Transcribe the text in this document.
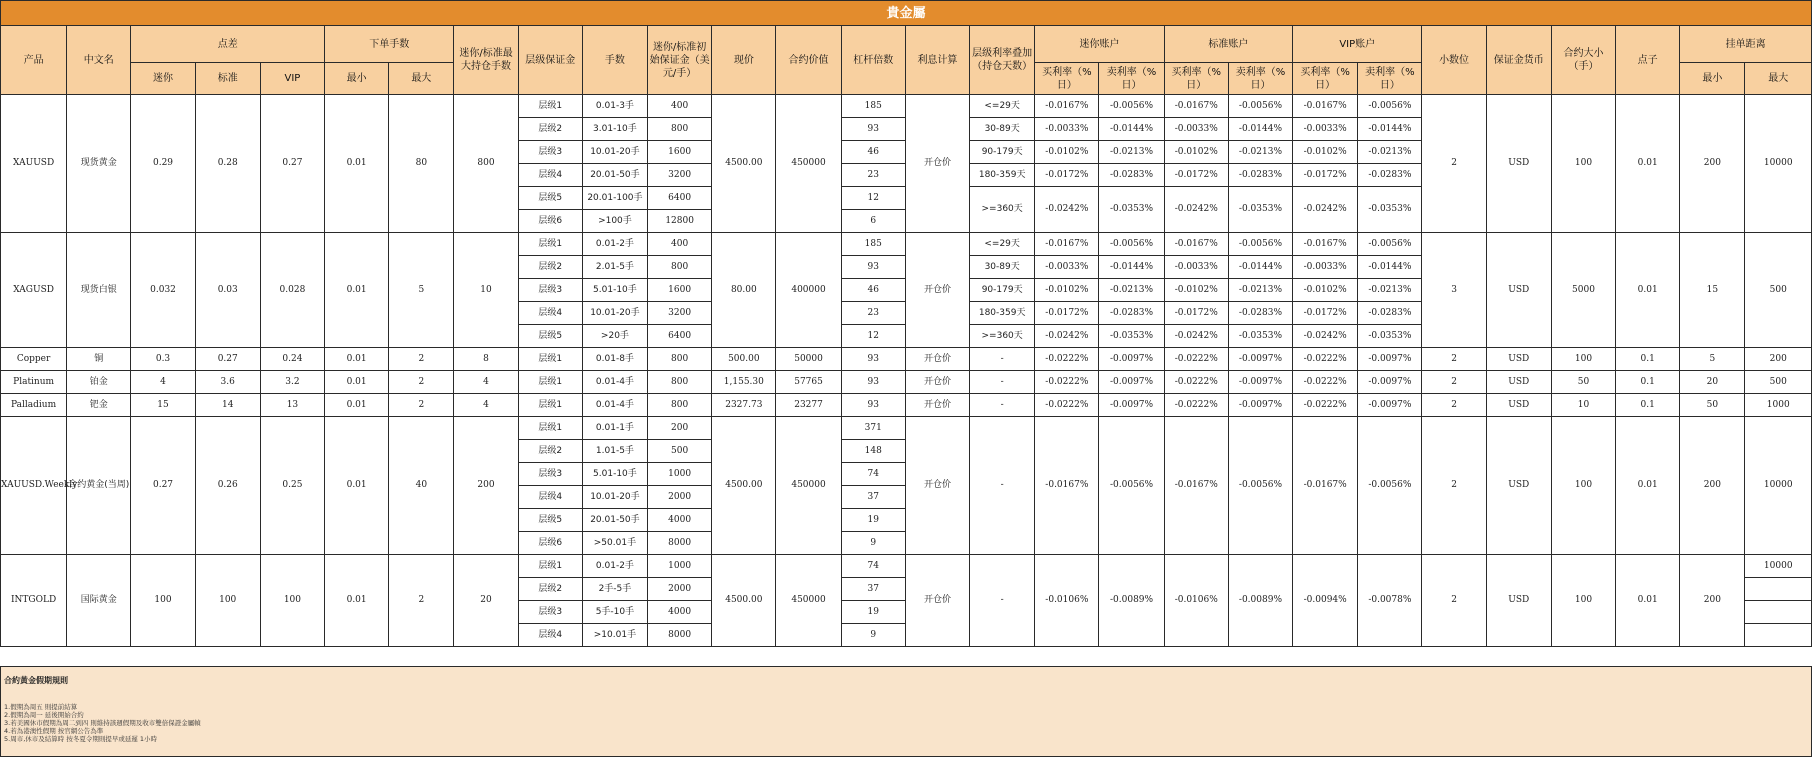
貴金屬																											
产品	中文名	点差			下单手数		迷你/标准最大持仓手数	层级保证金	手数	迷你/标准初始保证金（美元/手）	现价	合约价值	杠杆倍数	利息计算	层级利率叠加（持仓天数）	迷你账户		标准账户		VIP账户		小数位	保证金货币	合约大小（手）	点子	挂单距离	
		迷你	标准	VIP	最小	最大										买利率（%日）	卖利率（%日）	买利率（%日）	卖利率（%日）	买利率（%日）	卖利率（%日）					最小	最大
XAUUSD	现货黄金	0.29	0.28	0.27	0.01	80	800	层级1	0.01-3手	400	4500.00	450000	185	开仓价	<=29天	-0.0167%	-0.0056%	-0.0167%	-0.0056%	-0.0167%	-0.0056%	2	USD	100	0.01	200	10000
								层级2	3.01-10手	800			93		30-89天	-0.0033%	-0.0144%	-0.0033%	-0.0144%	-0.0033%	-0.0144%						
								层级3	10.01-20手	1600			46		90-179天	-0.0102%	-0.0213%	-0.0102%	-0.0213%	-0.0102%	-0.0213%						
								层级4	20.01-50手	3200			23		180-359天	-0.0172%	-0.0283%	-0.0172%	-0.0283%	-0.0172%	-0.0283%						
								层级5	20.01-100手	6400			12		>=360天	-0.0242%	-0.0353%	-0.0242%	-0.0353%	-0.0242%	-0.0353%						
								层级6	>100手	12800			6														
XAGUSD	现货白银	0.032	0.03	0.028	0.01	5	10	层级1	0.01-2手	400	80.00	400000	185	开仓价	<=29天	-0.0167%	-0.0056%	-0.0167%	-0.0056%	-0.0167%	-0.0056%	3	USD	5000	0.01	15	500
								层级2	2.01-5手	800			93		30-89天	-0.0033%	-0.0144%	-0.0033%	-0.0144%	-0.0033%	-0.0144%						
								层级3	5.01-10手	1600			46		90-179天	-0.0102%	-0.0213%	-0.0102%	-0.0213%	-0.0102%	-0.0213%						
								层级4	10.01-20手	3200			23		180-359天	-0.0172%	-0.0283%	-0.0172%	-0.0283%	-0.0172%	-0.0283%						
								层级5	>20手	6400			12		>=360天	-0.0242%	-0.0353%	-0.0242%	-0.0353%	-0.0242%	-0.0353%						
Copper	铜	0.3	0.27	0.24	0.01	2	8	层级1	0.01-8手	800	500.00	50000	93	开仓价	-	-0.0222%	-0.0097%	-0.0222%	-0.0097%	-0.0222%	-0.0097%	2	USD	100	0.1	5	200
Platinum	铂金	4	3.6	3.2	0.01	2	4	层级1	0.01-4手	800	1,155.30	57765	93	开仓价	-	-0.0222%	-0.0097%	-0.0222%	-0.0097%	-0.0222%	-0.0097%	2	USD	50	0.1	20	500
Palladium	钯金	15	14	13	0.01	2	4	层级1	0.01-4手	800	2327.73	23277	93	开仓价	-	-0.0222%	-0.0097%	-0.0222%	-0.0097%	-0.0222%	-0.0097%	2	USD	10	0.1	50	1000
XAUUSD.Weekly	合约黄金(当周)	0.27	0.26	0.25	0.01	40	200	层级1	0.01-1手	200	4500.00	450000	371	开仓价	-	-0.0167%	-0.0056%	-0.0167%	-0.0056%	-0.0167%	-0.0056%	2	USD	100	0.01	200	10000
								层级2	1.01-5手	500			148														
								层级3	5.01-10手	1000			74														
								层级4	10.01-20手	2000			37														
								层级5	20.01-50手	4000			19														
								层级6	>50.01手	8000			9														
INTGOLD	国际黄金	100	100	100	0.01	2	20	层级1	0.01-2手	1000	4500.00	450000	74	开仓价	-	-0.0106%	-0.0089%	-0.0106%	-0.0089%	-0.0094%	-0.0078%	2	USD	100	0.01	200	10000
								层级2	2手-5手	2000			37														
								层级3	5手-10手	4000			19														
								层级4	>10.01手	8000			9														
合約黃金假期規則
1.假期為周五 則提前結算
2.假期為周一 延後開始合約
3.若美國休市假期為周二到四 則維持該週假期及收市雙倍保證金屬幀
4.若為港澳性假期 按官網公告為準
5.周市,休市及結算時 按冬夏令期則提早或延遲 1小時
